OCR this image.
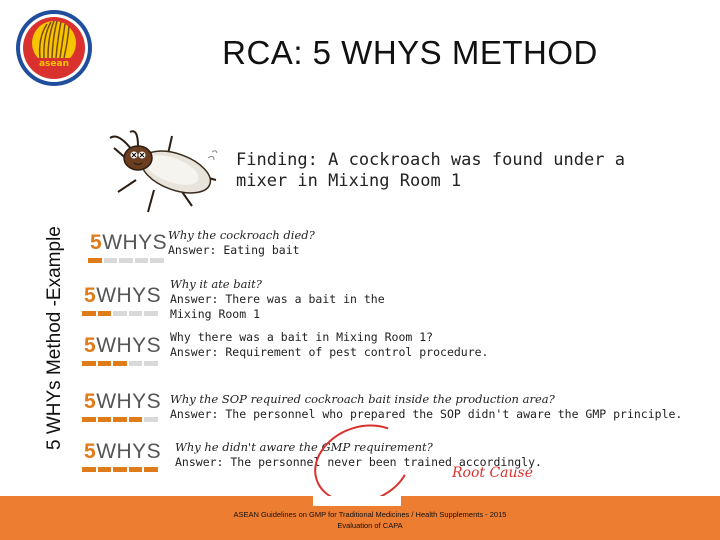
asean	RCA: 5 WHYS METHOD
5 WHYs Method -Example
Finding: A cockroach was found under a mixer in Mixing Room 1
5WHYS Why the cockroach died?
Answer: Eating bait
5WHYS Why it ate bait?
Answer: There was a bait in the Mixing Room 1
5WHYS Why there was a bait in Mixing Room 1?
Answer: Requirement of pest control procedure.
5WHYS Why the SOP required cockroach bait inside the production area?
Answer: The personnel who prepared the SOP didn't aware the GMP principle.
5WHYS Why he didn't aware the GMP requirement?
Answer: The personnel never been trained accordingly.
Root Cause
ASEAN Guidelines on GMP for Traditional Medicines / Health Supplements - 2015
Evaluation of CAPA
